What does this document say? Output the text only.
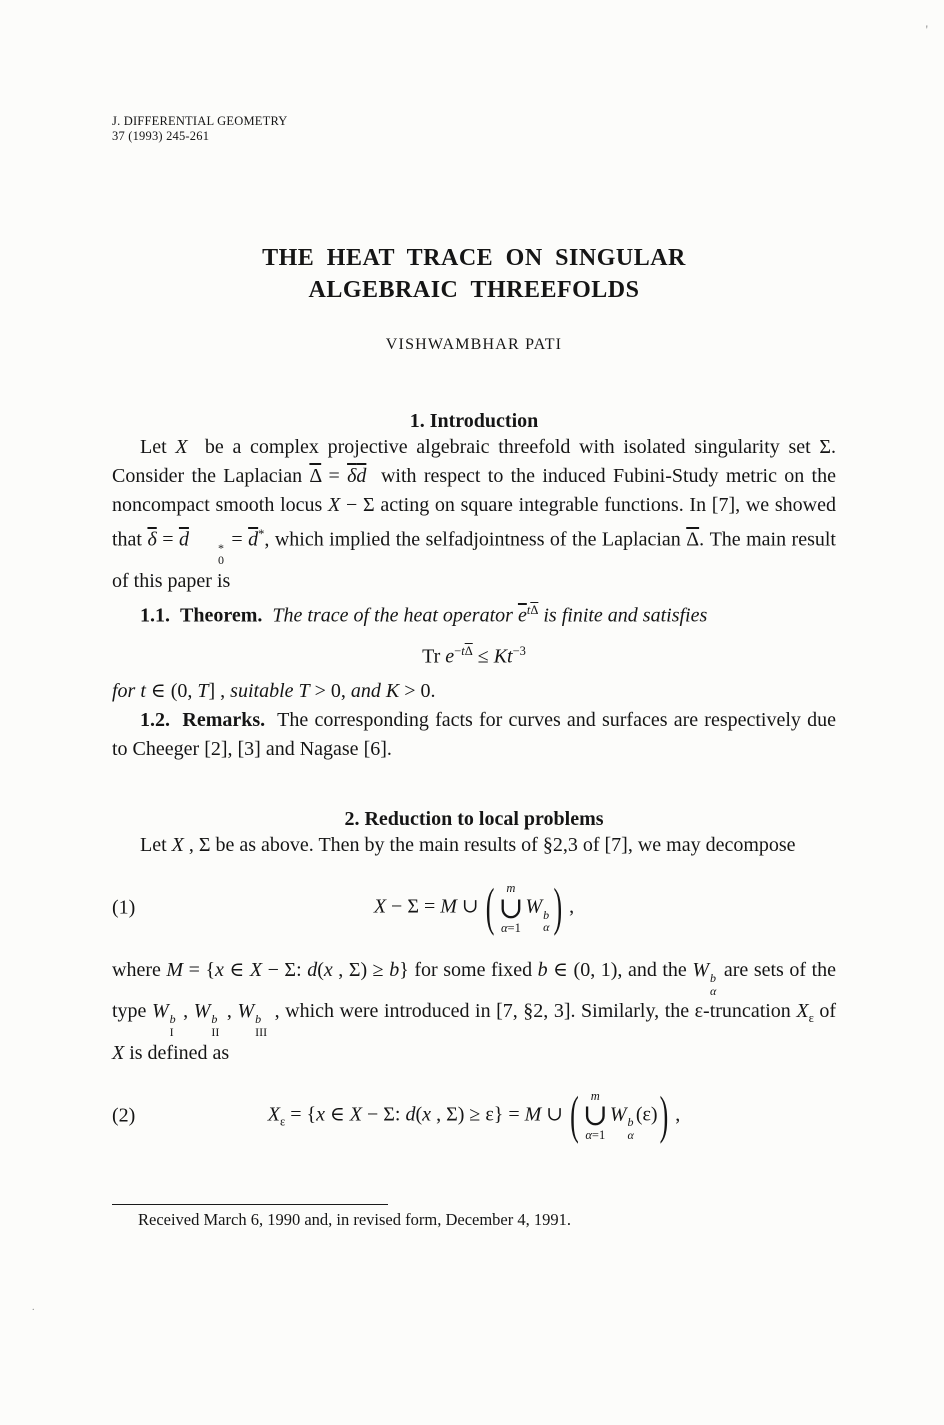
'
.
J. DIFFERENTIAL GEOMETRY
37 (1993) 245-261
THE HEAT TRACE ON SINGULAR
ALGEBRAIC THREEFOLDS
VISHWAMBHAR PATI
1. Introduction

Let X  be a complex projective algebraic threefold with isolated singularity set Σ. Consider the Laplacian $\overline{\Delta} = \overline{\delta}\overline{d}$  with respect to the induced Fubini-Study metric on the noncompact smooth locus X − Σ acting on square integrable functions. In [7], we showed that $\overline{\delta} = \overline{d}$	*
0
= $\overline{d}^*$, which implied the selfadjointness of the Laplacian $\overline{\Delta}$. The main result of this paper is

1.1. Theorem. The trace of the heat operator $\overline{e}^{t\overline{\Delta}}$ is finite and satisfies

Tr $e^{-t\overline{\Delta}} \le Kt^{-3}$

for t ∈ (0, T] , suitable T > 0, and K > 0.

1.2. Remarks.  The corresponding facts for curves and surfaces are respectively due to Cheeger [2], [3] and Nagase [6].

2. Reduction to local problems

Let X , Σ be as above. Then by the main results of §2,3 of [7], we may decompose

(1)	X − Σ = M ∪ ( m
∪
α=1
W b
α ) ,

where M = {x ∈ X − Σ: d(x , Σ) ≥ b} for some fixed b ∈ (0, 1), and the W b
α
are sets of the type W b
I
, W b
II
, W b
III
, which were introduced in [7, §2, 3]. Similarly, the ε-truncation $X_\varepsilon$ of X is defined as

(2)	$X_\varepsilon = \{x$ ∈ X − Σ: d(x , Σ) ≥ ε} = M ∪ ( m
∪
α=1
W b
α
(ε)) ,

Received March 6, 1990 and, in revised form, December 4, 1991.
